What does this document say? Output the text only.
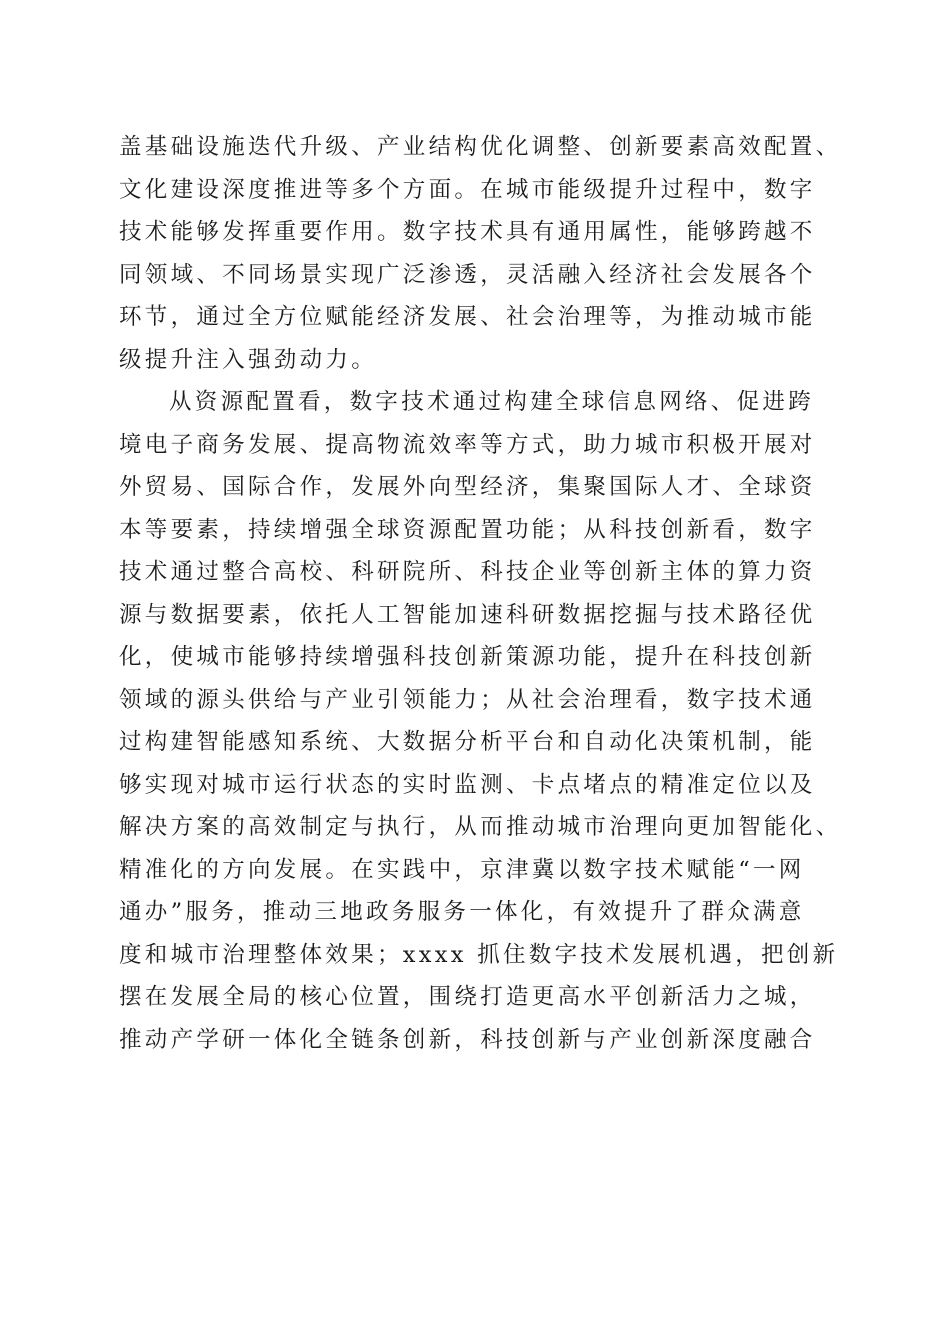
盖基础设施迭代升级、产业结构优化调整、创新要素高效配置、
文化建设深度推进等多个方面。在城市能级提升过程中，数字
技术能够发挥重要作用。数字技术具有通用属性，能够跨越不
同领域、不同场景实现广泛渗透，灵活融入经济社会发展各个
环节，通过全方位赋能经济发展、社会治理等，为推动城市能
级提升注入强劲动力。
从资源配置看，数字技术通过构建全球信息网络、促进跨
境电子商务发展、提高物流效率等方式，助力城市积极开展对
外贸易、国际合作，发展外向型经济，集聚国际人才、全球资
本等要素，持续增强全球资源配置功能；从科技创新看，数字
技术通过整合高校、科研院所、科技企业等创新主体的算力资
源与数据要素，依托人工智能加速科研数据挖掘与技术路径优
化，使城市能够持续增强科技创新策源功能，提升在科技创新
领域的源头供给与产业引领能力；从社会治理看，数字技术通
过构建智能感知系统、大数据分析平台和自动化决策机制，能
够实现对城市运行状态的实时监测、卡点堵点的精准定位以及
解决方案的高效制定与执行，从而推动城市治理向更加智能化、
精准化的方向发展。在实践中，京津冀以数字技术赋能“一网
通办”服务，推动三地政务服务一体化，有效提升了群众满意
度和城市治理整体效果；xxxx 抓住数字技术发展机遇，把创新
摆在发展全局的核心位置，围绕打造更高水平创新活力之城，
推动产学研一体化全链条创新，科技创新与产业创新深度融合
